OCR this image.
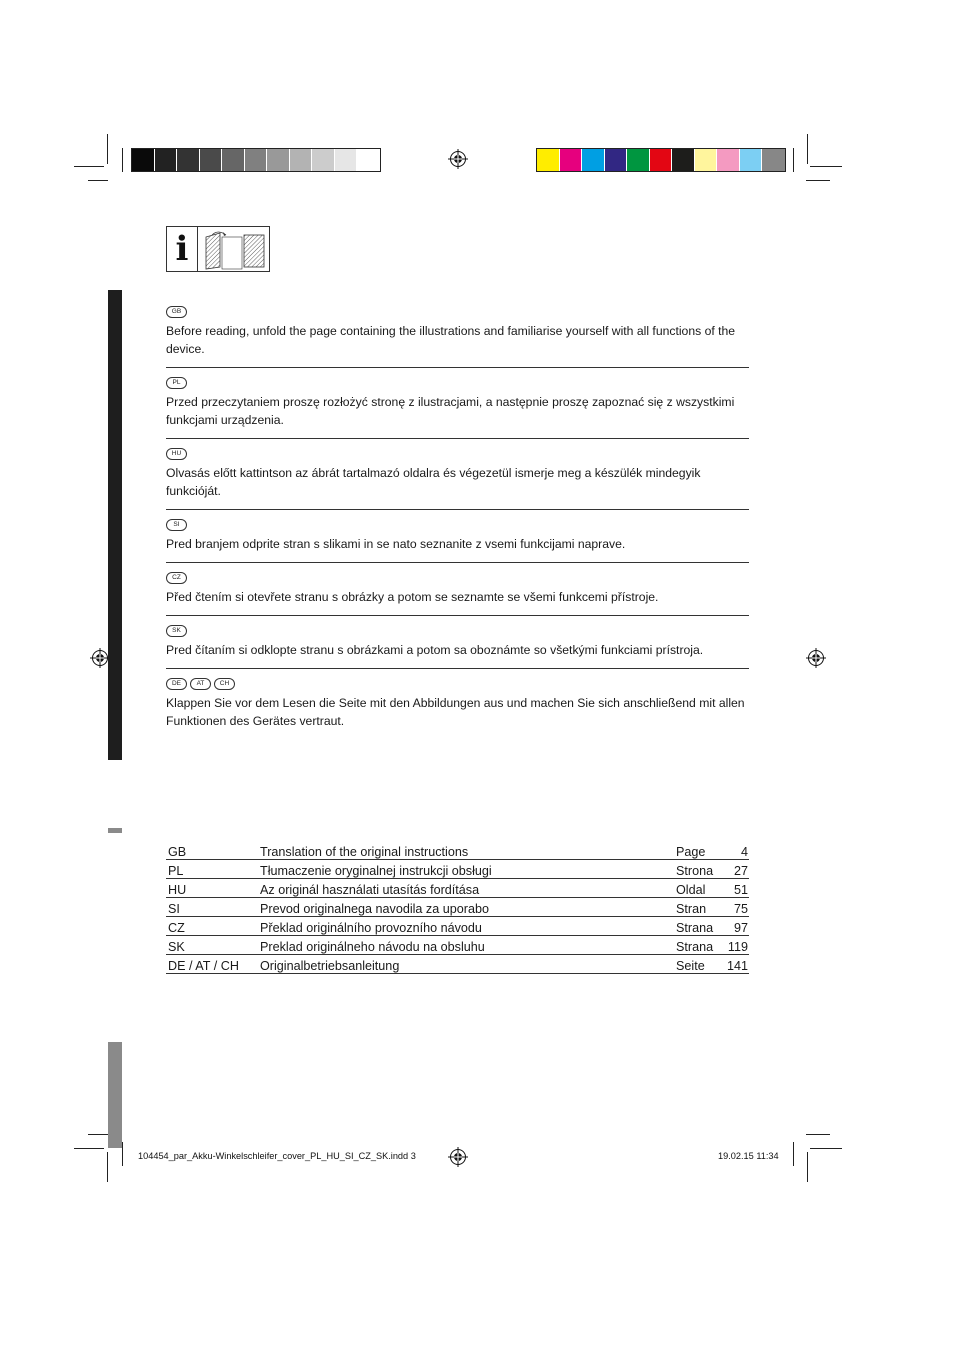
i
GB
Before reading, unfold the page containing the illustrations and familiarise yourself with all functions of the device.
PL
Przed przeczytaniem proszę rozłożyć stronę z ilustracjami, a następnie proszę zapoznać się z wszystkimi funkcjami urządzenia.
HU
Olvasás előtt kattintson az ábrát tartalmazó oldalra és végezetül ismerje meg a készülék mindegyik funkcióját.
SI
Pred branjem odprite stran s slikami in se nato seznanite z vsemi funkcijami naprave.
CZ
Před čtením si otevřete stranu s obrázky a potom se seznamte se všemi funkcemi přístroje.
SK
Pred čítaním si odklopte stranu s obrázkami a potom sa oboznámte so všetkými funkciami prístroja.
DE	AT	CH
Klappen Sie vor dem Lesen die Seite mit den Abbildungen aus und machen Sie sich anschließend mit allen Funktionen des Gerätes vertraut.
GB	Translation of the original instructions	Page	4
PL	Tłumaczenie oryginalnej instrukcji obsługi	Strona	27
HU	Az originál használati utasítás fordítása	Oldal	51
SI	Prevod originalnega navodila za uporabo	Stran	75
CZ	Překlad originálního provozního návodu	Strana	97
SK	Preklad originálneho návodu na obsluhu	Strana	119
DE / AT / CH	Originalbetriebsanleitung	Seite	141
104454_par_Akku-Winkelschleifer_cover_PL_HU_SI_CZ_SK.indd 3	19.02.15 11:34
